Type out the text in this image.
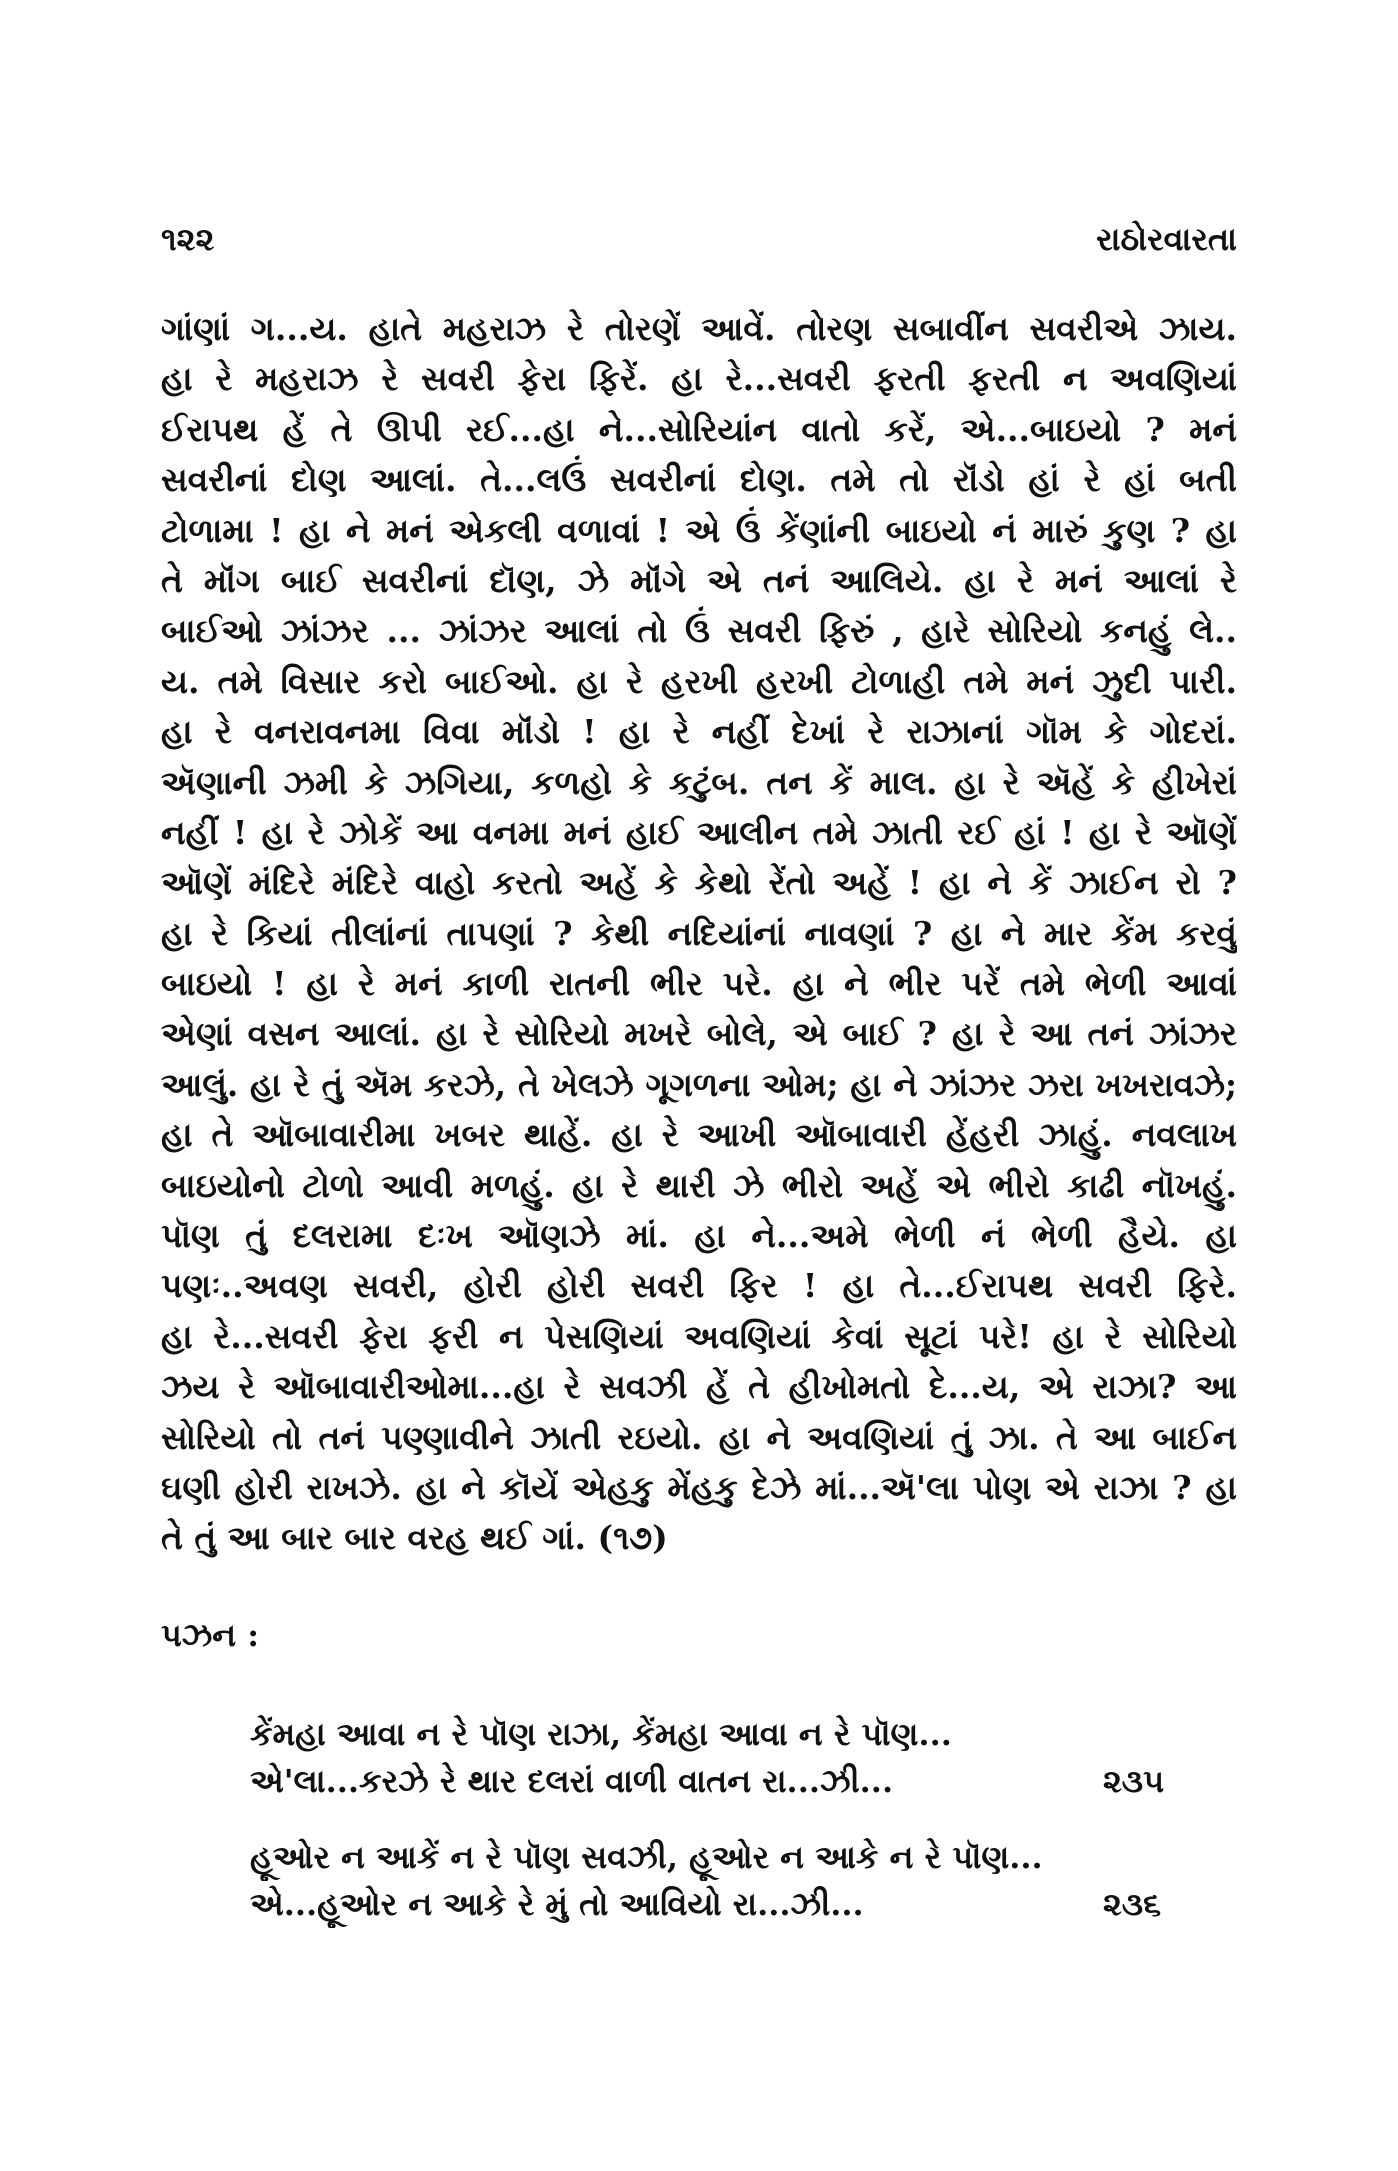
૧૨૨	રાઠોરવારતા
ગાંણાં ગ...ય. હાતે મહરાઝ રે તોરણેં આવેં. તોરણ સબાવીંન સવરીએ ઝાય.
હા રે મહરાઝ રે સવરી ફેરા ફિરેં. હા રે...સવરી ફરતી ફરતી ન અવણિયાં
ઈરાપથ હેં તે ઊપી રઈ...હા ને...સોરિયાંન વાતો કરેં, એ...બાઇયો ? મનં
સવરીનાં દોણ આલાં. તે...લઉં સવરીનાં દોણ. તમે તો રૉંડો હાં રે હાં બતી
ટોળામા ! હા ને મનં એકલી વળાવાં ! એ ઉં કેંણાંની બાઇયો નં મારું કુણ ? હા
તે મૉંગ બાઈ સવરીનાં દૉણ, ઝે મૉંગે એ તનં આલિયે. હા રે મનં આલાં રે
બાઈઓ ઝાંઝર ... ઝાંઝર આલાં તો ઉં સવરી ફિરું , હારે સોરિયો કનહું લે..
ય. તમે વિસાર કરો બાઈઓ. હા રે હરખી હરખી ટોળાહી તમે મનં ઝુદી પારી.
હા રે વનરાવનમા વિવા મૉંડો ! હા રે નહીં દેખાં રે રાઝાનાં ગૉમ કે ગોદરાં.
ઍણાની ઝમી કે ઝગિયા, કળહો કે કટુંબ. તન કેં માલ. હા રે ઍહેં કે હીખેરાં
નહીં ! હા રે ઝોકેં આ વનમા મનં હાઈ આલીન તમે ઝાતી રઈ હાં ! હા રે ઑણેં
ઑણેં મંદિરે મંદિરે વાહો કરતો અહેં કે કેથો રેંતો અહેં ! હા ને કેં ઝાઈન રો ?
હા રે કિયાં તીલાંનાં તાપણાં ? કેથી નદિયાંનાં નાવણાં ? હા ને માર કેંમ કરવું
બાઇયો ! હા રે મનં કાળી રાતની ભીર પરે. હા ને ભીર પરેં તમે ભેળી આવાં
એણાં વસન આલાં. હા રે સોરિયો મખરે બોલે, એ બાઈ ? હા રે આ તનં ઝાંઝર
આલું. હા રે તું ઍમ કરઝે, તે ખેલઝે ગૂગળના ઓમ; હા ને ઝાંઝર ઝરા ખખરાવઝે;
હા તે ઑબાવારીમા ખબર થાહેં. હા રે આખી ઑબાવારી હેંહરી ઝાહું. નવલાખ
બાઇયોનો ટોળો આવી મળહું. હા રે થારી ઝે ભીરો અહેં એ ભીરો કાઢી નૉખહું.
પૉણ તું દલરામા દઃખ ઑણઝે માં. હા ને...અમે ભેળી નં ભેળી હૈયે. હા
પણઃ..અવણ સવરી, હોરી હોરી સવરી ફિર ! હા તે...ઈરાપથ સવરી ફિરે.
હા રે...સવરી ફેરા ફરી ન પેસણિયાં અવણિયાં કેવાં સૂટાં પરે! હા રે સોરિયો
ઝય રે ઑબાવારીઓમા...હા રે સવઝી હેં તે હીખોમતો દે...ય, એ રાઝા? આ
સોરિયો તો તનં પણ્ણાવીને ઝાતી રઇયો. હા ને અવણિયાં તું ઝા. તે આ બાઈન
ઘણી હોરી રાખઝે. હા ને કૉયેં એહકુ મેંહકુ દેઝે માં...ઍ'લા પોણ એ રાઝા ? હા
તે તું આ બાર બાર વરહ થઈ ગાં. (૧૭)
પઝન :
કેંમહા આવા ન રે પૉણ રાઝા, કેંમહા આવા ન રે પૉણ...
એ'લા...કરઝે રે થાર દલરાં વાળી વાતન રા...ઝી...	૨૩૫
હૂઓર ન આકેં ન રે પૉણ સવઝી, હૂઓર ન આકે ન રે પૉણ...
એ...હૂઓર ન આકે રે મું તો આવિયો રા...ઝી...	૨૩૬
